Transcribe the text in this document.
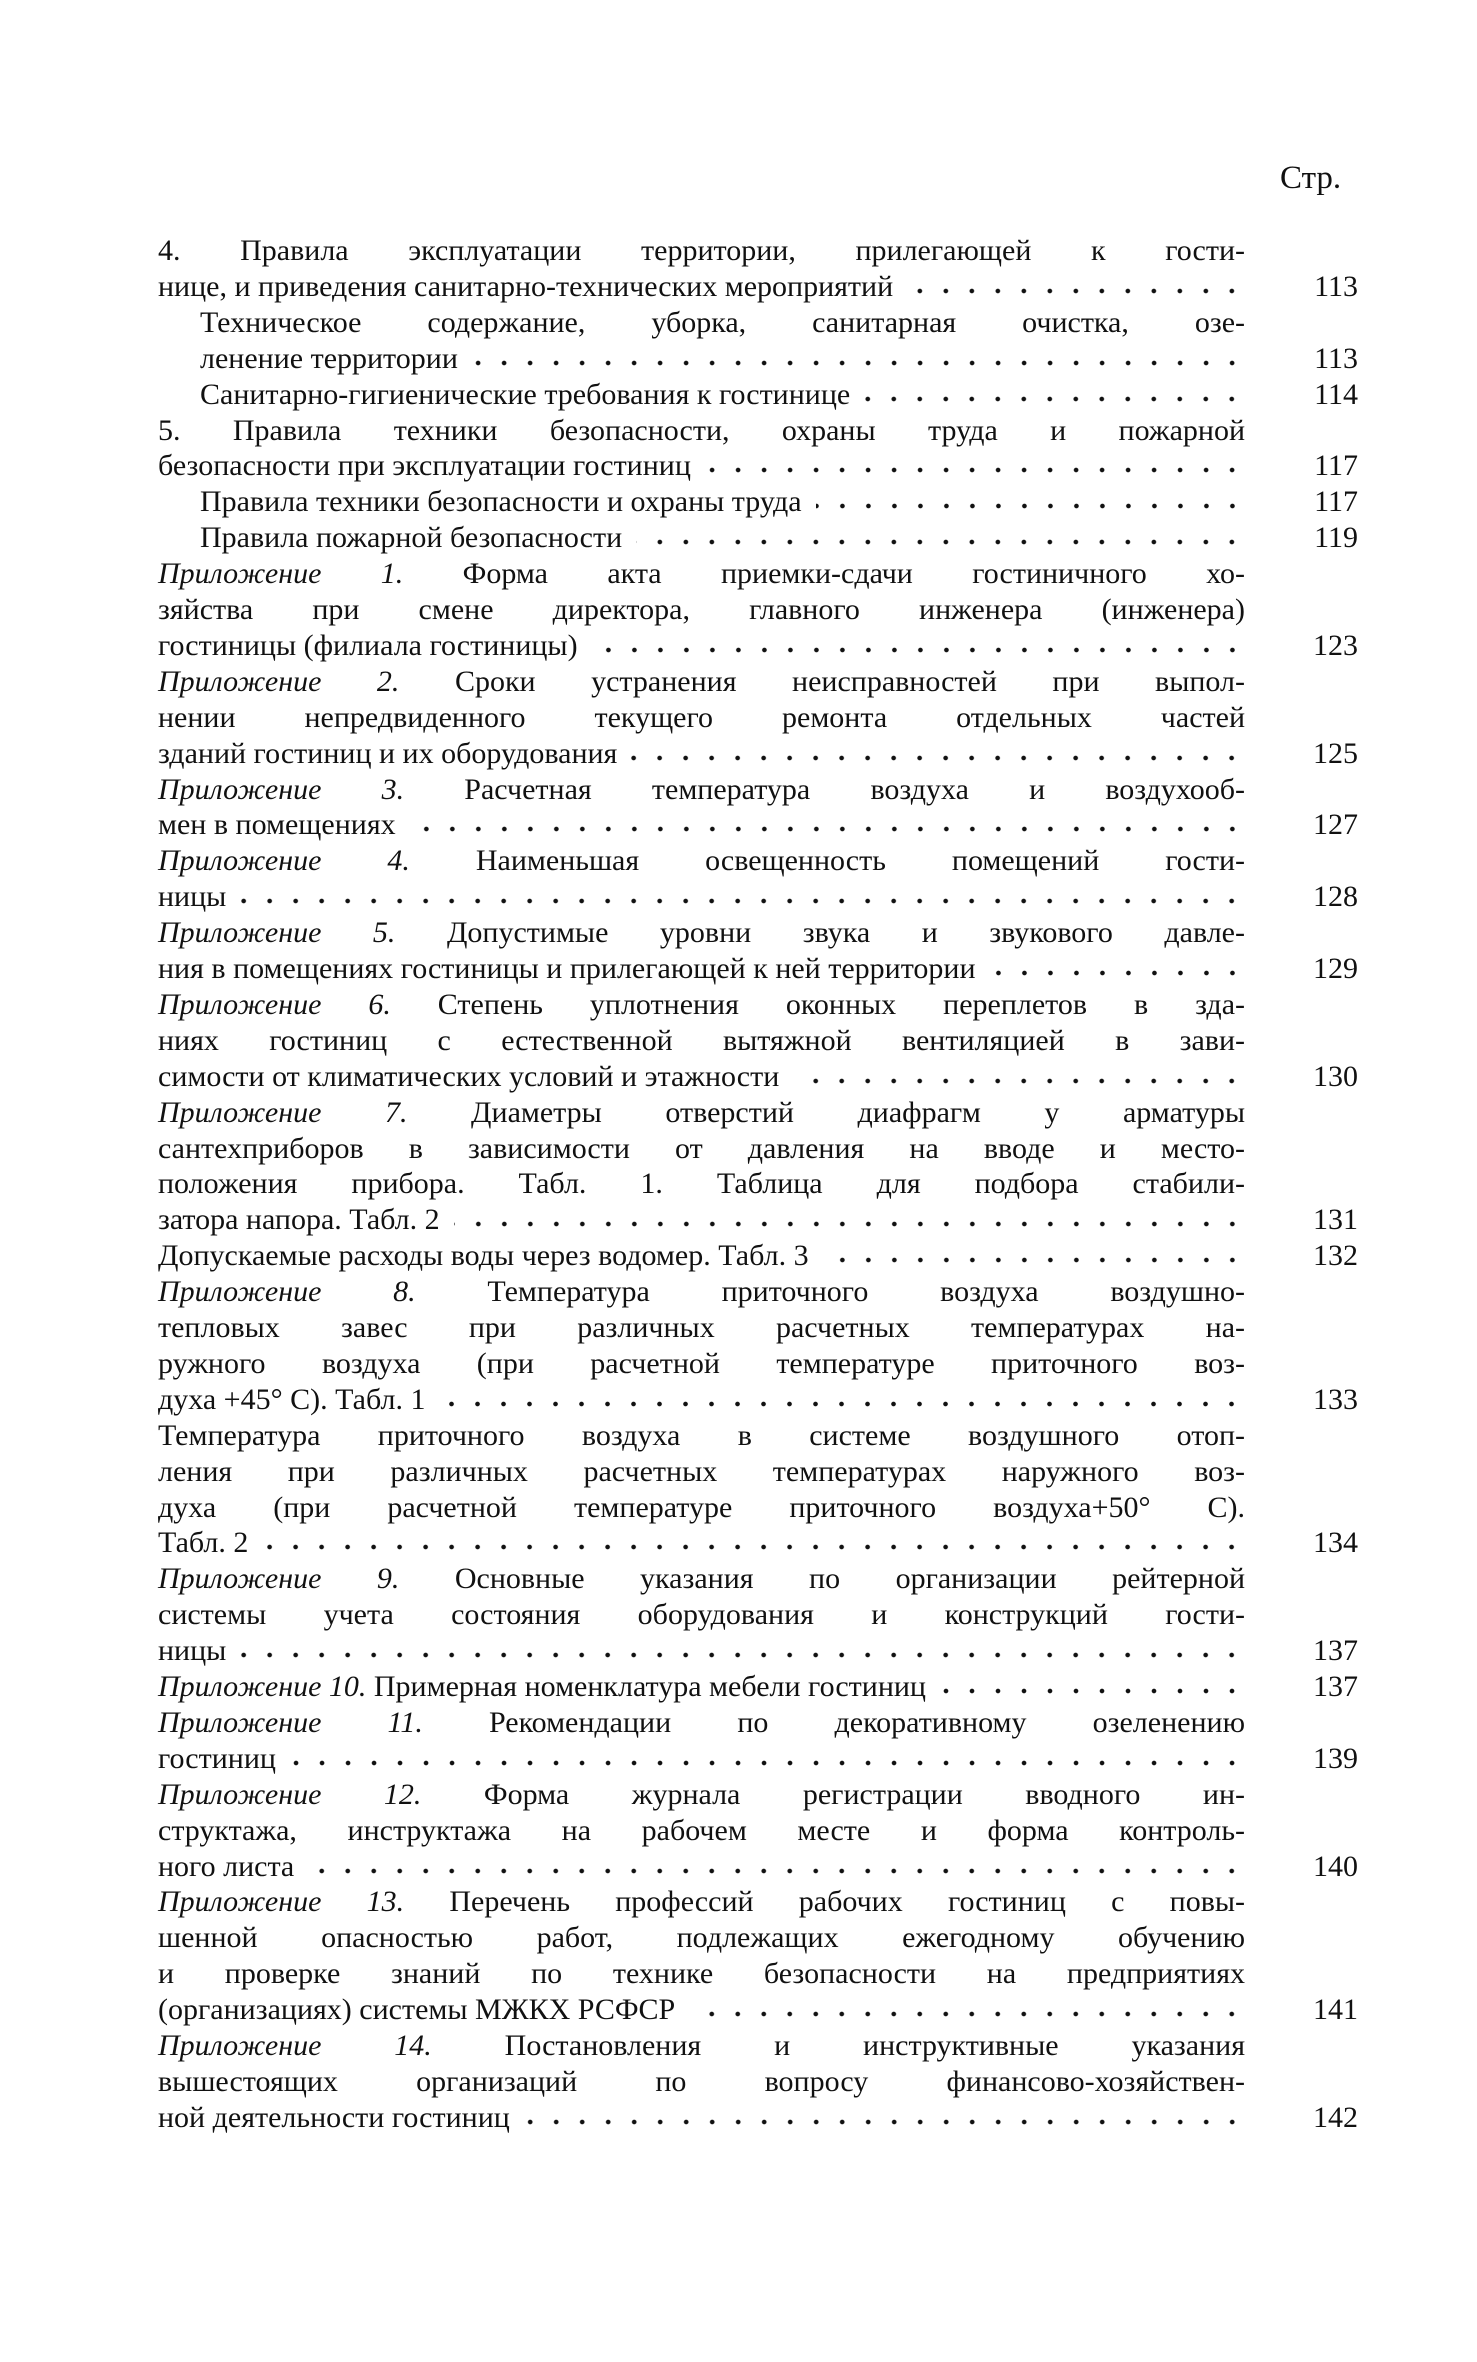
Стр.
4. Правила эксплуатации территории, прилегающей к гости-
113
нице, и приведения санитарно-технических мероприятий
Техническое содержание, уборка, санитарная очистка, озе-
113
ленение территории
114
Санитарно-гигиенические требования к гостинице
5. Правила техники безопасности, охраны труда и пожарной
117
безопасности при эксплуатации гостиниц
117
Правила техники безопасности и охраны труда
119
Правила пожарной безопасности
Приложение 1. Форма акта приемки-сдачи гостиничного хо-
зяйства при смене директора, главного инженера (инженера)
123
гостиницы (филиала гостиницы)
Приложение 2. Сроки устранения неисправностей при выпол-
нении непредвиденного текущего ремонта отдельных частей
125
зданий гостиниц и их оборудования
Приложение 3. Расчетная температура воздуха и воздухооб-
127
мен в помещениях
Приложение 4. Наименьшая освещенность помещений гости-
128
ницы
Приложение 5. Допустимые уровни звука и звукового давле-
129
ния в помещениях гостиницы и прилегающей к ней территории
Приложение 6. Степень уплотнения оконных переплетов в зда-
ниях гостиниц с естественной вытяжной вентиляцией в зави-
130
симости от климатических условий и этажности
Приложение 7. Диаметры отверстий диафрагм у арматуры
сантехприборов в зависимости от давления на вводе и место-
положения прибора. Табл. 1. Таблица для подбора стабили-
131
затора напора. Табл. 2
132
Допускаемые расходы воды через водомер. Табл. 3
Приложение 8. Температура приточного воздуха воздушно-
тепловых завес при различных расчетных температурах на-
ружного воздуха (при расчетной температуре приточного воз-
133
духа +45° С). Табл. 1
Температура приточного воздуха в системе воздушного отоп-
ления при различных расчетных температурах наружного воз-
духа (при расчетной температуре приточного воздуха+50° С).
134
Табл. 2
Приложение 9. Основные указания по организации рейтерной
системы учета состояния оборудования и конструкций гости-
137
ницы
137
Приложение 10. Примерная номенклатура мебели гостиниц
Приложение 11. Рекомендации по декоративному озеленению
139
гостиниц
Приложение 12. Форма журнала регистрации вводного ин-
структажа, инструктажа на рабочем месте и форма контроль-
140
ного листа
Приложение 13. Перечень профессий рабочих гостиниц с повы-
шенной опасностью работ, подлежащих ежегодному обучению
и проверке знаний по технике безопасности на предприятиях
141
(организациях) системы МЖКХ РСФСР
Приложение 14. Постановления и инструктивные указания
вышестоящих организаций по вопросу финансово-хозяйствен-
142
ной деятельности гостиниц
